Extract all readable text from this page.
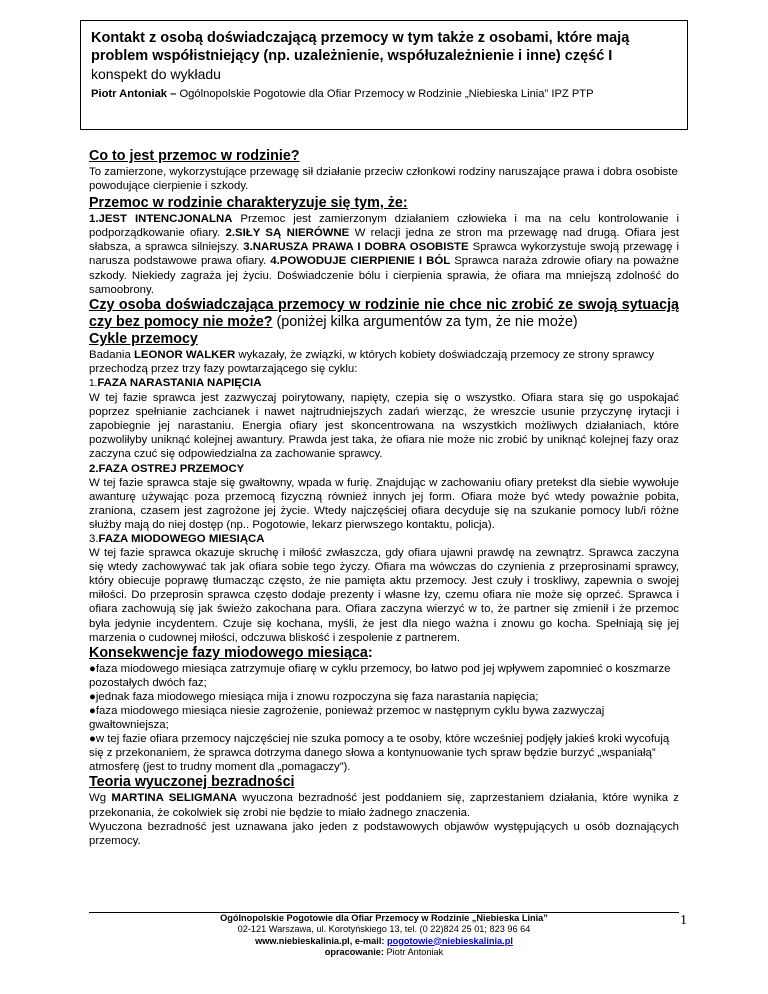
Kontakt z osobą doświadczającą przemocy w tym także z osobami, które mają problem współistniejący (np. uzależnienie, współuzależnienie i inne) część I
konspekt do wykładu
Piotr Antoniak – Ogólnopolskie Pogotowie dla Ofiar Przemocy w Rodzinie „Niebieska Linia” IPZ PTP

Co to jest przemoc w rodzinie?

To zamierzone, wykorzystujące przewagę sił działanie przeciw członkowi rodziny naruszające prawa i dobra osobiste powodujące cierpienie i szkody.

Przemoc w rodzinie charakteryzuje się tym, że:

1.JEST INTENCJONALNA Przemoc jest zamierzonym działaniem człowieka i ma na celu kontrolowanie i podporządkowanie ofiary. 2.SIŁY SĄ NIERÓWNE W relacji jedna ze stron ma przewagę nad drugą. Ofiara jest słabsza, a sprawca silniejszy. 3.NARUSZA PRAWA I DOBRA OSOBISTE Sprawca wykorzystuje swoją przewagę i narusza podstawowe prawa ofiary. 4.POWODUJE CIERPIENIE I BÓL Sprawca naraża zdrowie ofiary na poważne szkody. Niekiedy zagraża jej życiu. Doświadczenie bólu i cierpienia sprawia, że ofiara ma mniejszą zdolność do samoobrony.

Czy osoba doświadczająca przemocy w rodzinie nie chce nic zrobić ze swoją sytuacją czy bez pomocy nie może? (poniżej kilka argumentów za tym, że nie może)

Cykle przemocy

Badania LEONOR WALKER wykazały, że związki, w których kobiety doświadczają przemocy ze strony sprawcy przechodzą przez trzy fazy powtarzającego się cyklu:

1.FAZA NARASTANIA NAPIĘCIA

W tej fazie sprawca jest zazwyczaj poirytowany, napięty, czepia się o wszystko. Ofiara stara się go uspokajać poprzez spełnianie zachcianek i nawet najtrudniejszych zadań wierząc, że wreszcie usunie przyczynę irytacji i zapobiegnie jej narastaniu. Energia ofiary jest skoncentrowana na wszystkich możliwych działaniach, które pozwoliłyby uniknąć kolejnej awantury. Prawda jest taka, że ofiara nie może nic zrobić by uniknąć kolejnej fazy oraz zaczyna czuć się odpowiedzialna za zachowanie sprawcy.

2.FAZA OSTREJ PRZEMOCY

W tej fazie sprawca staje się gwałtowny, wpada w furię. Znajdując w zachowaniu ofiary pretekst dla siebie wywołuje awanturę używając poza przemocą fizyczną również innych jej form. Ofiara może być wtedy poważnie pobita, zraniona, czasem jest zagrożone jej życie. Wtedy najczęściej ofiara decyduje się na szukanie pomocy lub/i różne służby mają do niej dostęp (np.. Pogotowie, lekarz pierwszego kontaktu, policja).

3.FAZA MIODOWEGO MIESIĄCA

W tej fazie sprawca okazuje skruchę i miłość zwłaszcza, gdy ofiara ujawni prawdę na zewnątrz. Sprawca zaczyna się wtedy zachowywać tak jak ofiara sobie tego życzy. Ofiara ma wówczas do czynienia z przeprosinami sprawcy, który obiecuje poprawę tłumacząc często, że nie pamięta aktu przemocy. Jest czuły i troskliwy, zapewnia o swojej miłości. Do przeprosin sprawca często dodaje prezenty i własne łzy, czemu ofiara nie może się oprzeć. Sprawca i ofiara zachowują się jak świeżo zakochana para. Ofiara zaczyna wierzyć w to, że partner się zmienił i że przemoc była jedynie incydentem. Czuje się kochana, myśli, że jest dla niego ważna i znowu go kocha. Spełniają się jej marzenia o cudownej miłości, odczuwa bliskość i zespolenie z partnerem.

Konsekwencje fazy miodowego miesiąca:

●faza miodowego miesiąca zatrzymuje ofiarę w cyklu przemocy, bo łatwo pod jej wpływem zapomnieć o koszmarze pozostałych dwóch faz;

●jednak faza miodowego miesiąca mija i znowu rozpoczyna się faza narastania napięcia;

●faza miodowego miesiąca niesie zagrożenie, ponieważ przemoc w następnym cyklu bywa zazwyczaj gwałtowniejsza;

●w tej fazie ofiara przemocy najczęściej nie szuka pomocy a te osoby, które wcześniej podjęły jakieś kroki wycofują się z przekonaniem, że sprawca dotrzyma danego słowa a kontynuowanie tych spraw będzie burzyć „wspaniałą” atmosferę (jest to trudny moment dla „pomagaczy”).

Teoria wyuczonej bezradności

Wg MARTINA SELIGMANA wyuczona bezradność jest poddaniem się, zaprzestaniem działania, które wynika z przekonania, że cokolwiek się zrobi nie będzie to miało żadnego znaczenia.

Wyuczona bezradność jest uznawana jako jeden z podstawowych objawów występujących u osób doznających przemocy.

Ogólnopolskie Pogotowie dla Ofiar Przemocy w Rodzinie „Niebieska Linia”
02-121 Warszawa, ul. Korotyńskiego 13, tel. (0 22)824 25 01; 823 96 64
www.niebieskalinia.pl, e-mail: pogotowie@niebieskalinia.pl
opracowanie: Piotr Antoniak
1
